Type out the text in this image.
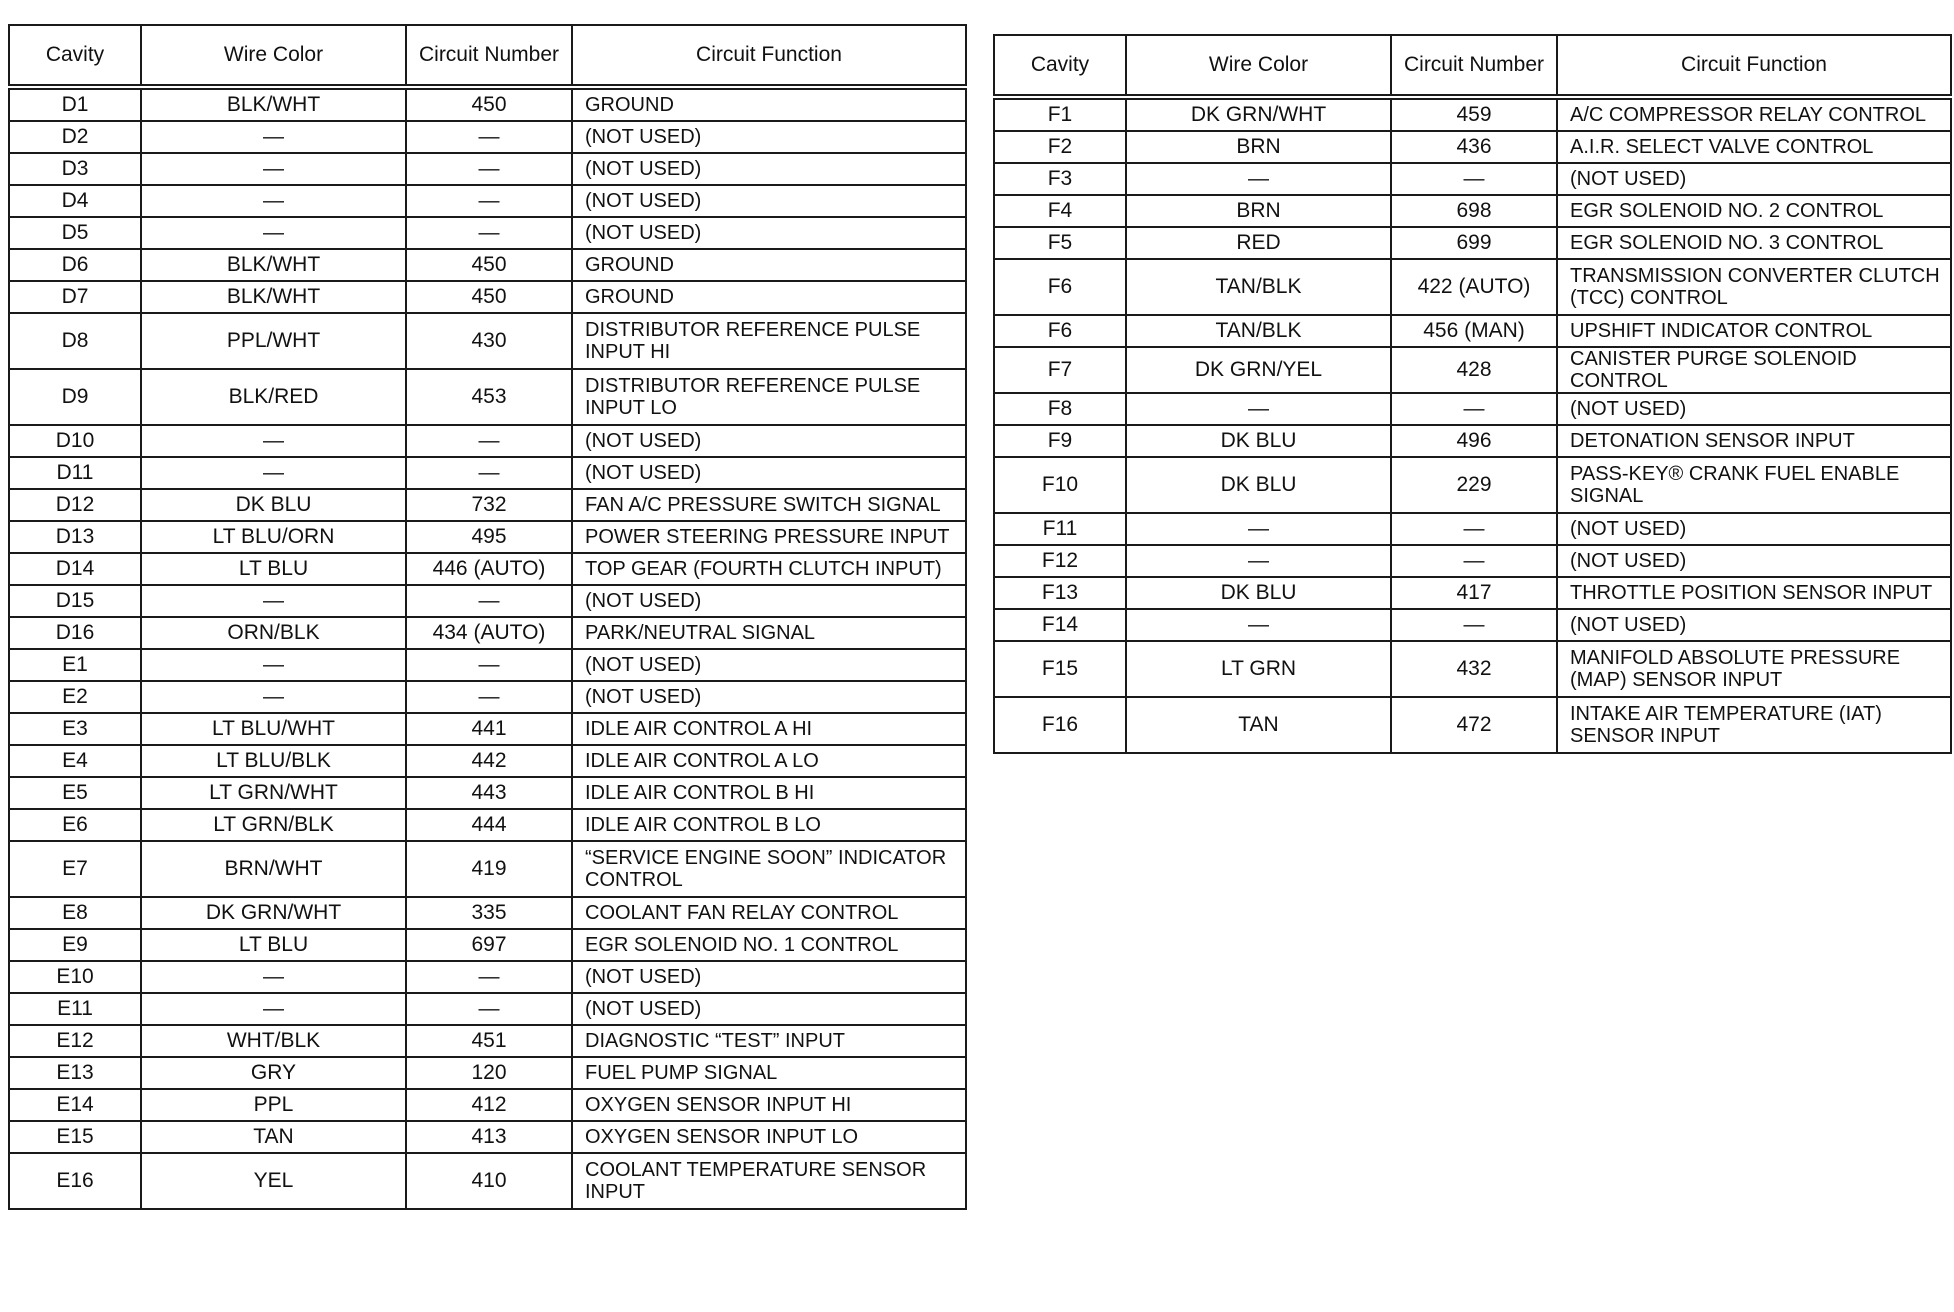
Cavity	Wire Color	Circuit Number	Circuit Function
D1	BLK/WHT	450	GROUND
D2	—	—	(NOT USED)
D3	—	—	(NOT USED)
D4	—	—	(NOT USED)
D5	—	—	(NOT USED)
D6	BLK/WHT	450	GROUND
D7	BLK/WHT	450	GROUND
D8	PPL/WHT	430	DISTRIBUTOR REFERENCE PULSE INPUT HI
D9	BLK/RED	453	DISTRIBUTOR REFERENCE PULSE INPUT LO
D10	—	—	(NOT USED)
D11	—	—	(NOT USED)
D12	DK BLU	732	FAN A/C PRESSURE SWITCH SIGNAL
D13	LT BLU/ORN	495	POWER STEERING PRESSURE INPUT
D14	LT BLU	446 (AUTO)	TOP GEAR (FOURTH CLUTCH INPUT)
D15	—	—	(NOT USED)
D16	ORN/BLK	434 (AUTO)	PARK/NEUTRAL SIGNAL
E1	—	—	(NOT USED)
E2	—	—	(NOT USED)
E3	LT BLU/WHT	441	IDLE AIR CONTROL A HI
E4	LT BLU/BLK	442	IDLE AIR CONTROL A LO
E5	LT GRN/WHT	443	IDLE AIR CONTROL B HI
E6	LT GRN/BLK	444	IDLE AIR CONTROL B LO
E7	BRN/WHT	419	“SERVICE ENGINE SOON” INDICATOR CONTROL
E8	DK GRN/WHT	335	COOLANT FAN RELAY CONTROL
E9	LT BLU	697	EGR SOLENOID NO. 1 CONTROL
E10	—	—	(NOT USED)
E11	—	—	(NOT USED)
E12	WHT/BLK	451	DIAGNOSTIC “TEST” INPUT
E13	GRY	120	FUEL PUMP SIGNAL
E14	PPL	412	OXYGEN SENSOR INPUT HI
E15	TAN	413	OXYGEN SENSOR INPUT LO
E16	YEL	410	COOLANT TEMPERATURE SENSOR INPUT
Cavity	Wire Color	Circuit Number	Circuit Function
F1	DK GRN/WHT	459	A/C COMPRESSOR RELAY CONTROL
F2	BRN	436	A.I.R. SELECT VALVE CONTROL
F3	—	—	(NOT USED)
F4	BRN	698	EGR SOLENOID NO. 2 CONTROL
F5	RED	699	EGR SOLENOID NO. 3 CONTROL
F6	TAN/BLK	422 (AUTO)	TRANSMISSION CONVERTER CLUTCH (TCC) CONTROL
F6	TAN/BLK	456 (MAN)	UPSHIFT INDICATOR CONTROL
F7	DK GRN/YEL	428	CANISTER PURGE SOLENOID CONTROL
F8	—	—	(NOT USED)
F9	DK BLU	496	DETONATION SENSOR INPUT
F10	DK BLU	229	PASS-KEY® CRANK FUEL ENABLE SIGNAL
F11	—	—	(NOT USED)
F12	—	—	(NOT USED)
F13	DK BLU	417	THROTTLE POSITION SENSOR INPUT
F14	—	—	(NOT USED)
F15	LT GRN	432	MANIFOLD ABSOLUTE PRESSURE (MAP) SENSOR INPUT
F16	TAN	472	INTAKE AIR TEMPERATURE (IAT) SENSOR INPUT
